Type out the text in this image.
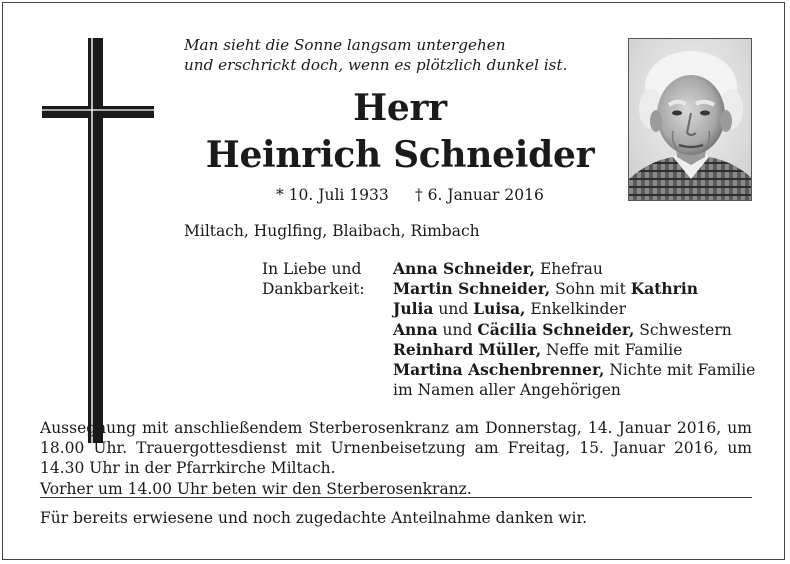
Man sieht die Sonne langsam untergehen
und erschrickt doch, wenn es plötzlich dunkel ist.
Herr
Heinrich Schneider
* 10. Juli 1933 † 6. Januar 2016
Miltach, Huglfing, Blaibach, Rimbach
In Liebe und
Dankbarkeit:
Anna Schneider, Ehefrau
Martin Schneider, Sohn mit Kathrin
Julia und Luisa, Enkelkinder
Anna und Cäcilia Schneider, Schwestern
Reinhard Müller, Neffe mit Familie
Martina Aschenbrenner, Nichte mit Familie
im Namen aller Angehörigen

Aussegnung mit anschließendem Sterberosenkranz am Donnerstag, 14. Januar 2016, um 18.00 Uhr. Trauergottesdienst mit Urnenbeisetzung am Freitag, 15. Januar 2016, um 14.30 Uhr in der Pfarrkirche Miltach.

Vorher um 14.00 Uhr beten wir den Sterberosenkranz.

Für bereits erwiesene und noch zugedachte Anteilnahme danken wir.
